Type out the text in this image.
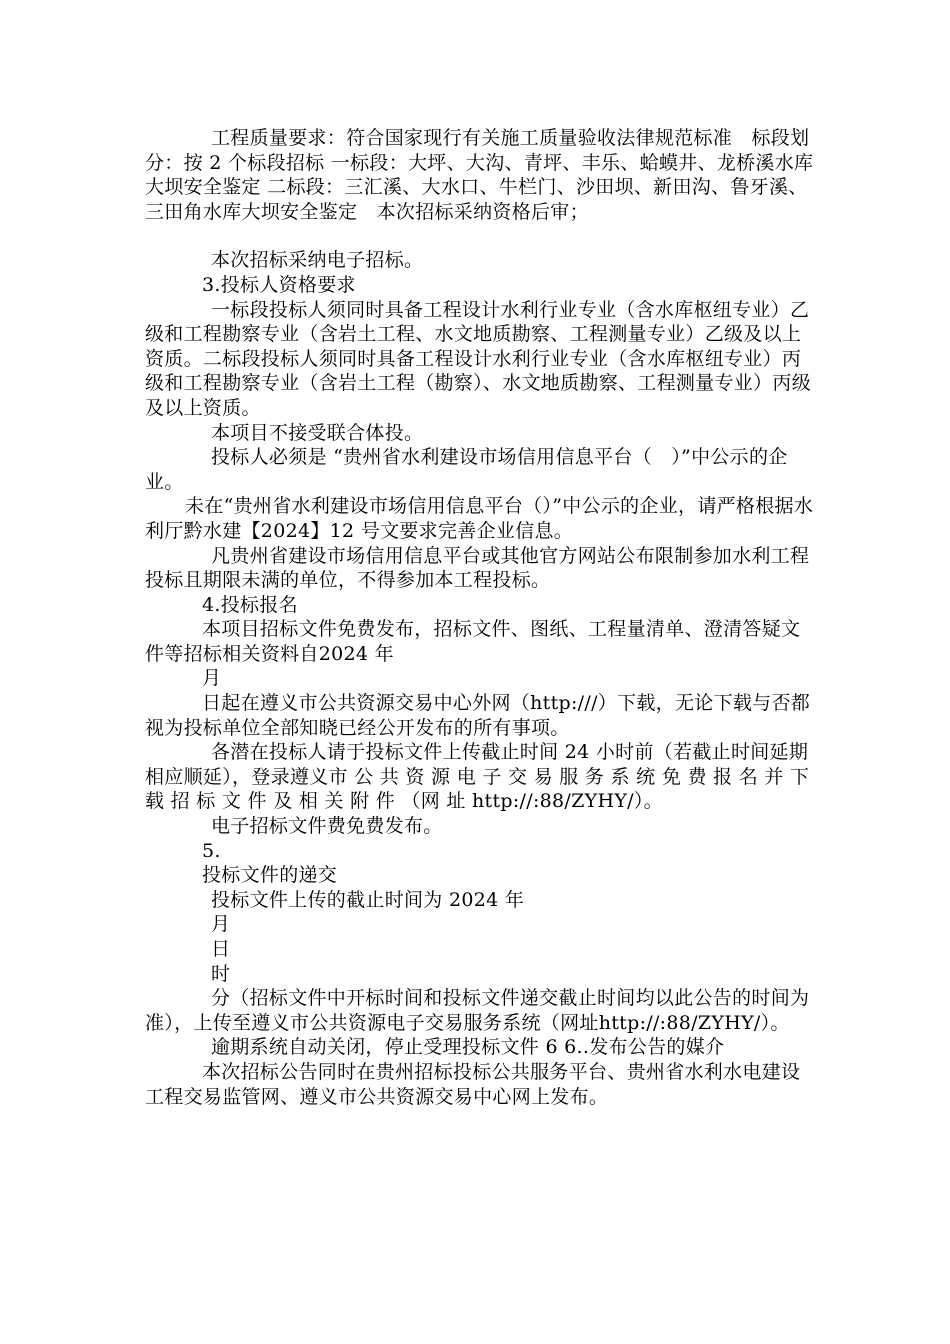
工程质量要求：符合国家现行有关施工质量验收法律规范标准　标段划分：按 2 个标段招标 一标段：大坪、大沟、青坪、丰乐、蛤蟆井、龙桥溪水库大坝安全鉴定 二标段：三汇溪、大水口、牛栏门、沙田坝、新田沟、鲁牙溪、三田角水库大坝安全鉴定　本次招标采纳资格后审；

本次招标采纳电子招标。

3.投标人资格要求

一标段投标人须同时具备工程设计水利行业专业（含水库枢纽专业）乙级和工程勘察专业（含岩土工程、水文地质勘察、工程测量专业）乙级及以上资质。二标段投标人须同时具备工程设计水利行业专业（含水库枢纽专业）丙级和工程勘察专业（含岩土工程（勘察）、水文地质勘察、工程测量专业）丙级及以上资质。

本项目不接受联合体投。

投标人必须是 “贵州省水利建设市场信用信息平台（　）”中公示的企业。

未在“贵州省水利建设市场信用信息平台（）”中公示的企业，请严格根据水利厅黔水建【2024】12 号文要求完善企业信息。

凡贵州省建设市场信用信息平台或其他官方网站公布限制参加水利工程投标且期限未满的单位，不得参加本工程投标。

4.投标报名

本项目招标文件免费发布，招标文件、图纸、工程量清单、澄清答疑文件等招标相关资料自2024 年

月

日起在遵义市公共资源交易中心外网（http:///）下载，无论下载与否都视为投标单位全部知晓已经公开发布的所有事项。

各潜在投标人请于投标文件上传截止时间 24 小时前（若截止时间延期相应顺延），登录遵义市 公 共 资 源 电 子 交 易 服 务 系 统 免 费 报 名 并 下 载 招 标 文 件 及 相 关 附 件 （网 址 http://:88/ZYHY/）。

电子招标文件费免费发布。

5.

投标文件的递交

投标文件上传的截止时间为 2024 年

月

日

时

分（招标文件中开标时间和投标文件递交截止时间均以此公告的时间为准），上传至遵义市公共资源电子交易服务系统（网址http://:88/ZYHY/）。

逾期系统自动关闭，停止受理投标文件 6 6..发布公告的媒介

本次招标公告同时在贵州招标投标公共服务平台、贵州省水利水电建设工程交易监管网、遵义市公共资源交易中心网上发布。
